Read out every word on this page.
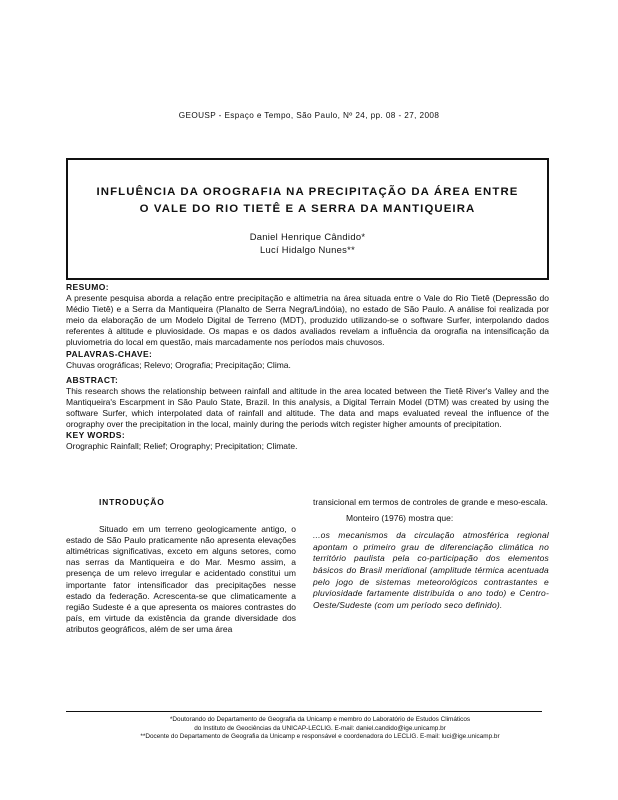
GEOUSP - Espaço e Tempo, São Paulo, Nº 24, pp. 08 - 27, 2008
INFLUÊNCIA DA OROGRAFIA NA PRECIPITAÇÃO DA ÁREA ENTRE
O VALE DO RIO TIETÊ E A SERRA DA MANTIQUEIRA
Daniel Henrique Cândido*
Lucí Hidalgo Nunes**
RESUMO:

A presente pesquisa aborda a relação entre precipitação e altimetria na área situada entre o Vale do Rio Tietê (Depressão do Médio Tietê) e a Serra da Mantiqueira (Planalto de Serra Negra/Lindóia), no estado de São Paulo. A análise foi realizada por meio da elaboração de um Modelo Digital de Terreno (MDT), produzido utilizando-se o software Surfer, interpolando dados referentes à altitude e pluviosidade. Os mapas e os dados avaliados revelam a influência da orografia na intensificação da pluviometria do local em questão, mais marcadamente nos períodos mais chuvosos.

PALAVRAS-CHAVE:

Chuvas orográficas; Relevo; Orografia; Precipitação; Clima.

ABSTRACT:

This research shows the relationship between rainfall and altitude in the area located between the Tietê River's Valley and the Mantiqueira's Escarpment in São Paulo State, Brazil. In this analysis, a Digital Terrain Model (DTM) was created by using the software Surfer, which interpolated data of rainfall and altitude. The data and maps evaluated reveal the influence of the orography over the precipitation in the local, mainly during the periods witch register higher amounts of precipitation.

KEY WORDS:

Orographic Rainfall; Relief; Orography; Precipitation; Climate.

INTRODUÇÃO

Situado em um terreno geologicamente antigo, o estado de São Paulo praticamente não apresenta elevações altimétricas significativas, exceto em alguns setores, como nas serras da Mantiqueira e do Mar. Mesmo assim, a presença de um relevo irregular e acidentado constitui um importante fator intensificador das precipitações nesse estado da federação. Acrescenta-se que climaticamente a região Sudeste é a que apresenta os maiores contrastes do país, em virtude da existência da grande diversidade dos atributos geográficos, além de ser uma área

transicional em termos de controles de grande e meso-escala.

Monteiro (1976) mostra que:

...os mecanismos da circulação atmosférica regional apontam o primeiro grau de diferenciação climática no território paulista pela co-participação dos elementos básicos do Brasil meridional (amplitude térmica acentuada pelo jogo de sistemas meteorológicos contrastantes e pluviosidade fartamente distribuída o ano todo) e Centro-Oeste/Sudeste (com um período seco definido).

*Doutorando do Departamento de Geografia da Unicamp e membro do Laboratório de Estudos Climáticos

do Instituto de Geociências da UNICAP-LECLIG. E-mail: daniel.candido@ige.unicamp.br

**Docente do Departamento de Geografia da Unicamp e responsável e coordenadora do LECLIG. E-mail: luci@ige.unicamp.br
